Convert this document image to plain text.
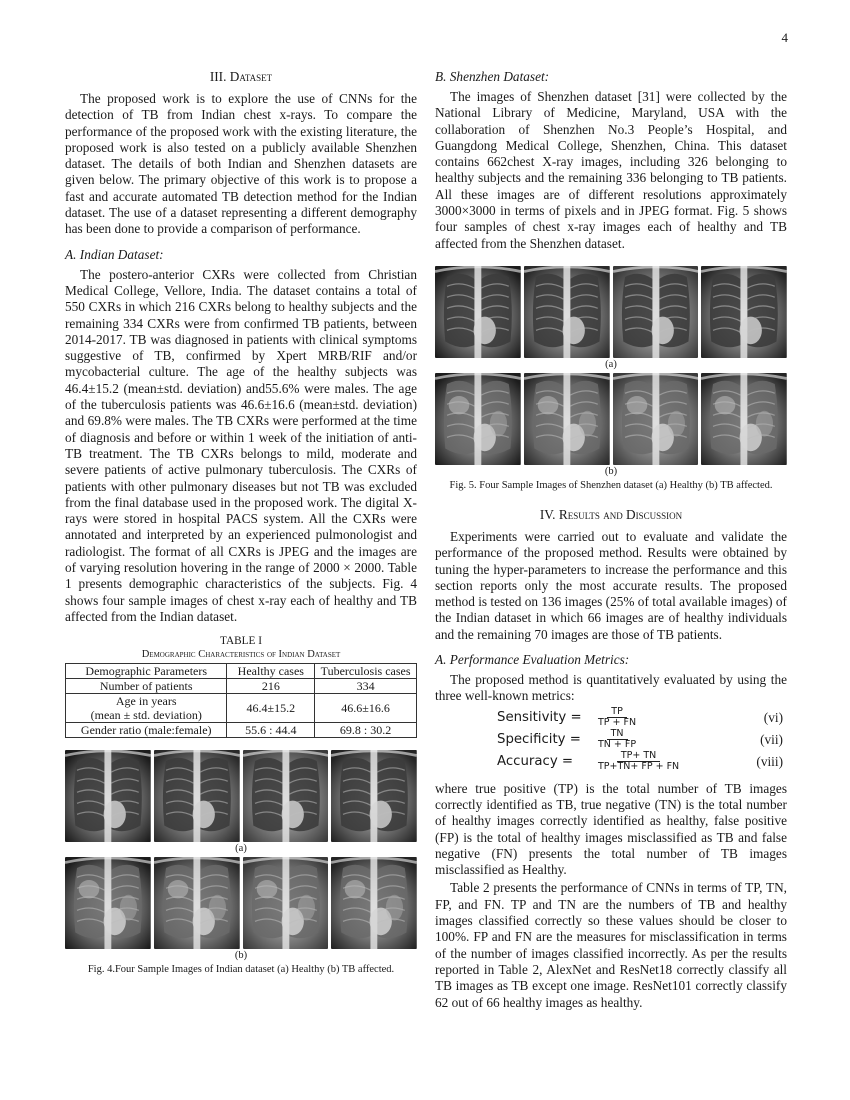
4
III. Dataset

The proposed work is to explore the use of CNNs for the detection of TB from Indian chest x-rays. To compare the performance of the proposed work with the existing literature, the proposed work is also tested on a publicly available Shenzhen dataset. The details of both Indian and Shenzhen datasets are given below. The primary objective of this work is to propose a fast and accurate automated TB detection method for the Indian dataset. The use of a dataset representing a different demography has been done to provide a comparison of performance.

A. Indian Dataset:

The postero-anterior CXRs were collected from Christian Medical College, Vellore, India. The dataset contains a total of 550 CXRs in which 216 CXRs belong to healthy subjects and the remaining 334 CXRs were from confirmed TB patients, between 2014-2017. TB was diagnosed in patients with clinical symptoms suggestive of TB, confirmed by Xpert MRB/RIF and/or mycobacterial culture. The age of the healthy subjects was 46.4±15.2 (mean±std. deviation) and55.6% were males. The age of the tuberculosis patients was 46.6±16.6 (mean±std. deviation) and 69.8% were males. The TB CXRs were performed at the time of diagnosis and before or within 1 week of the initiation of anti-TB treatment. The TB CXRs belongs to mild, moderate and severe patients of active pulmonary tuberculosis. The CXRs of patients with other pulmonary diseases but not TB was excluded from the final database used in the proposed work. The digital X-rays were stored in hospital PACS system. All the CXRs were annotated and interpreted by an experienced pulmonologist and radiologist. The format of all CXRs is JPEG and the images are of varying resolution hovering in the range of 2000 × 2000. Table 1 presents demographic characteristics of the subjects. Fig. 4 shows four sample images of chest x-ray each of healthy and TB affected from the Indian dataset.

TABLE I
Demographic Characteristics of Indian Dataset
Demographic Parameters	Healthy cases	Tuberculosis cases
Number of patients	216	334
Age in years
(mean ± std. deviation)	46.4±15.2	46.6±16.6
Gender ratio (male:female)	55.6 : 44.4	69.8 : 30.2
(a)
(b)
Fig. 4.Four Sample Images of Indian dataset (a) Healthy (b) TB affected.
B. Shenzhen Dataset:

The images of Shenzhen dataset [31] were collected by the National Library of Medicine, Maryland, USA with the collaboration of Shenzhen No.3 People’s Hospital, and Guangdong Medical College, Shenzhen, China. This dataset contains 662chest X-ray images, including 326 belonging to healthy subjects and the remaining 336 belonging to TB patients. All these images are of different resolutions approximately 3000×3000 in terms of pixels and in JPEG format. Fig. 5 shows four samples of chest x-ray images each of healthy and TB affected from the Shenzhen dataset.

(a)
(b)
Fig. 5. Four Sample Images of Shenzhen dataset (a) Healthy (b) TB affected.
IV. Results and Discussion

Experiments were carried out to evaluate and validate the performance of the proposed method. Results were obtained by tuning the hyper-parameters to increase the performance and this section reports only the most accurate results. The proposed method is tested on 136 images (25% of total available images) of the Indian dataset in which 66 images are of healthy individuals and the remaining 70 images are those of TB patients.

A. Performance Evaluation Metrics:

The proposed method is quantitatively evaluated by using the three well-known metrics:

Sensitivity =	$\frac{TP}{TP + FN}$	(vi)
Specificity =	$\frac{TN}{TN + FP}$	(vii)
Accuracy =	$\frac{TP+ TN}{TP+TN+ FP + FN}$	(viii)

where true positive (TP) is the total number of TB images correctly identified as TB, true negative (TN) is the total number of healthy images correctly identified as healthy, false positive (FP) is the total of healthy images misclassified as TB and false negative (FN) presents the total number of TB images misclassified as Healthy.

Table 2 presents the performance of CNNs in terms of TP, TN, FP, and FN. TP and TN are the numbers of TB and healthy images classified correctly so these values should be closer to 100%. FP and FN are the measures for misclassification in terms of the number of images classified incorrectly. As per the results reported in Table 2, AlexNet and ResNet18 correctly classify all TB images as TB except one image. ResNet101 correctly classify 62 out of 66 healthy images as healthy.
